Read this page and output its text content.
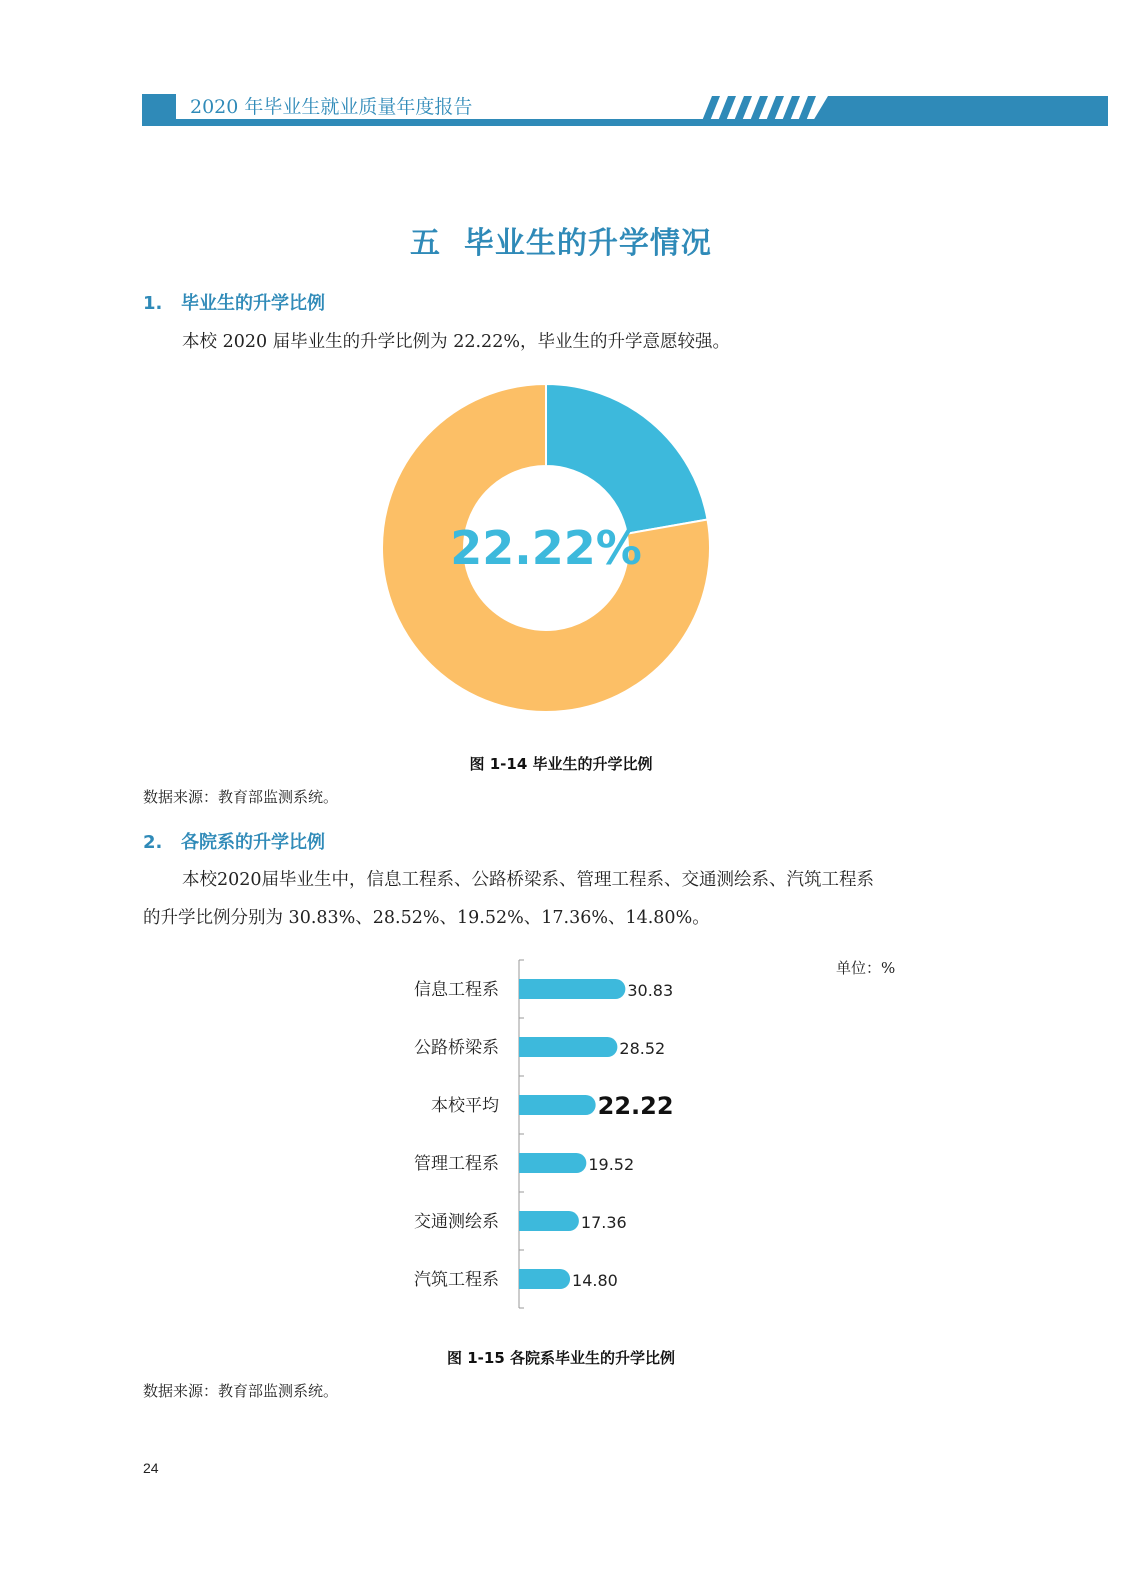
2020 年毕业生就业质量年度报告
五  毕业生的升学情况
1. 毕业生的升学比例
本校 2020 届毕业生的升学比例为 22.22%，毕业生的升学意愿较强。
22.22%
图 1-14 毕业生的升学比例
数据来源：教育部监测系统。
2. 各院系的升学比例
本校2020届毕业生中，信息工程系、公路桥梁系、管理工程系、交通测绘系、汽筑工程系
的升学比例分别为 30.83%、28.52%、19.52%、17.36%、14.80%。
单位：%
信息工程系	30.83
公路桥梁系	28.52
本校平均	22.22
管理工程系	19.52
交通测绘系	17.36
汽筑工程系	14.80
图 1-15 各院系毕业生的升学比例
数据来源：教育部监测系统。
24
